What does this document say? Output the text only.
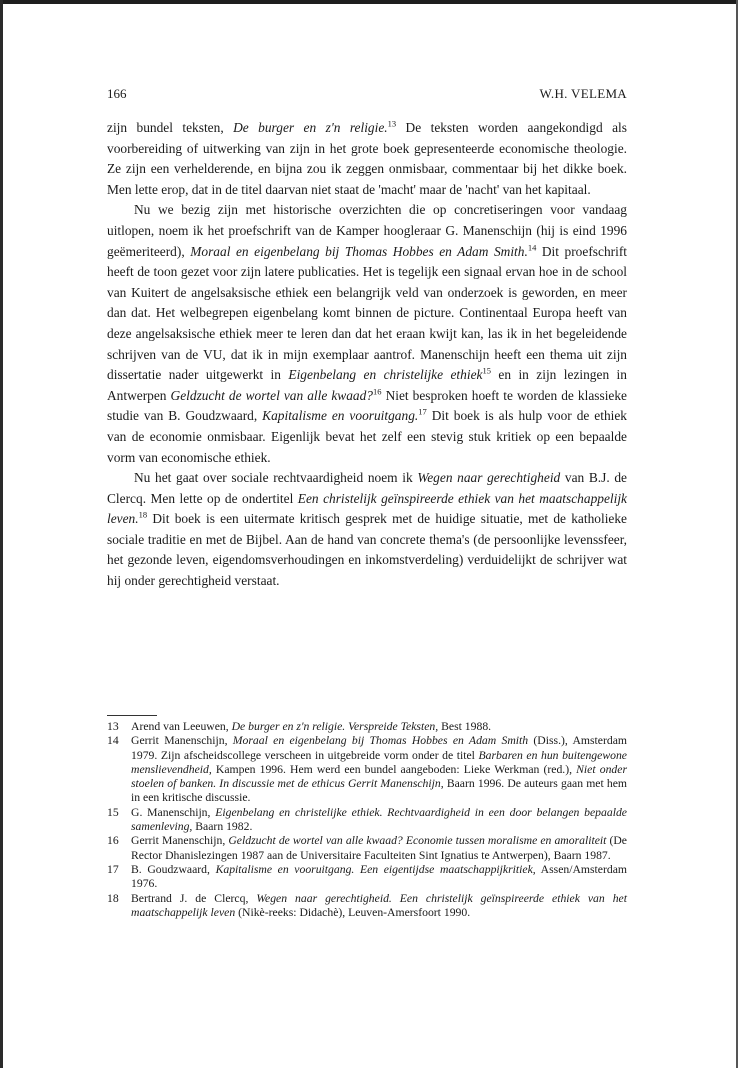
166	W.H. VELEMA

zijn bundel teksten, De burger en z'n religie.$^{13}$ De teksten worden aangekondigd als voorbereiding of uitwerking van zijn in het grote boek gepresenteerde economische theologie. Ze zijn een verhelderende, en bijna zou ik zeggen onmisbaar, commentaar bij het dikke boek. Men lette erop, dat in de titel daarvan niet staat de 'macht' maar de 'nacht' van het kapitaal.

Nu we bezig zijn met historische overzichten die op concretiseringen voor vandaag uitlopen, noem ik het proefschrift van de Kamper hoogleraar G. Manenschijn (hij is eind 1996 geëmeriteerd), Moraal en eigenbelang bij Thomas Hobbes en Adam Smith.$^{14}$ Dit proefschrift heeft de toon gezet voor zijn latere publicaties. Het is tegelijk een signaal ervan hoe in de school van Kuitert de angelsaksische ethiek een belangrijk veld van onderzoek is geworden, en meer dan dat. Het welbegrepen eigenbelang komt binnen de picture. Continentaal Europa heeft van deze angelsaksische ethiek meer te leren dan dat het eraan kwijt kan, las ik in het begeleidende schrijven van de VU, dat ik in mijn exemplaar aantrof. Manenschijn heeft een thema uit zijn dissertatie nader uitgewerkt in Eigenbelang en christelijke ethiek$^{15}$ en in zijn lezingen in Antwerpen Geldzucht de wortel van alle kwaad?$^{16}$ Niet besproken hoeft te worden de klassieke studie van B. Goudzwaard, Kapitalisme en vooruitgang.$^{17}$ Dit boek is als hulp voor de ethiek van de economie onmisbaar. Eigenlijk bevat het zelf een stevig stuk kritiek op een bepaalde vorm van economische ethiek.

Nu het gaat over sociale rechtvaardigheid noem ik Wegen naar gerechtigheid van B.J. de Clercq. Men lette op de ondertitel Een christelijk geïnspireerde ethiek van het maatschappelijk leven.$^{18}$ Dit boek is een uitermate kritisch gesprek met de huidige situatie, met de katholieke sociale traditie en met de Bijbel. Aan de hand van concrete thema's (de persoonlijke levenssfeer, het gezonde leven, eigendomsverhoudingen en inkomstverdeling) verduidelijkt de schrijver wat hij onder gerechtigheid verstaat.

13 Arend van Leeuwen, De burger en z'n religie. Verspreide Teksten, Best 1988.

14 Gerrit Manenschijn, Moraal en eigenbelang bij Thomas Hobbes en Adam Smith (Diss.), Amsterdam 1979. Zijn afscheidscollege verscheen in uitgebreide vorm onder de titel Barbaren en hun buitengewone menslievendheid, Kampen 1996. Hem werd een bundel aangeboden: Lieke Werkman (red.), Niet onder stoelen of banken. In discussie met de ethicus Gerrit Manenschijn, Baarn 1996. De auteurs gaan met hem in een kritische discussie.

15 G. Manenschijn, Eigenbelang en christelijke ethiek. Rechtvaardigheid in een door belangen bepaalde samenleving, Baarn 1982.

16 Gerrit Manenschijn, Geldzucht de wortel van alle kwaad? Economie tussen moralisme en amoraliteit (De Rector Dhanislezingen 1987 aan de Universitaire Faculteiten Sint Ignatius te Antwerpen), Baarn 1987.

17 B. Goudzwaard, Kapitalisme en vooruitgang. Een eigentijdse maatschappijkritiek, Assen/Amsterdam 1976.

18 Bertrand J. de Clercq, Wegen naar gerechtigheid. Een christelijk geïnspireerde ethiek van het maatschappelijk leven (Nikè-reeks: Didachè), Leuven-Amersfoort 1990.
